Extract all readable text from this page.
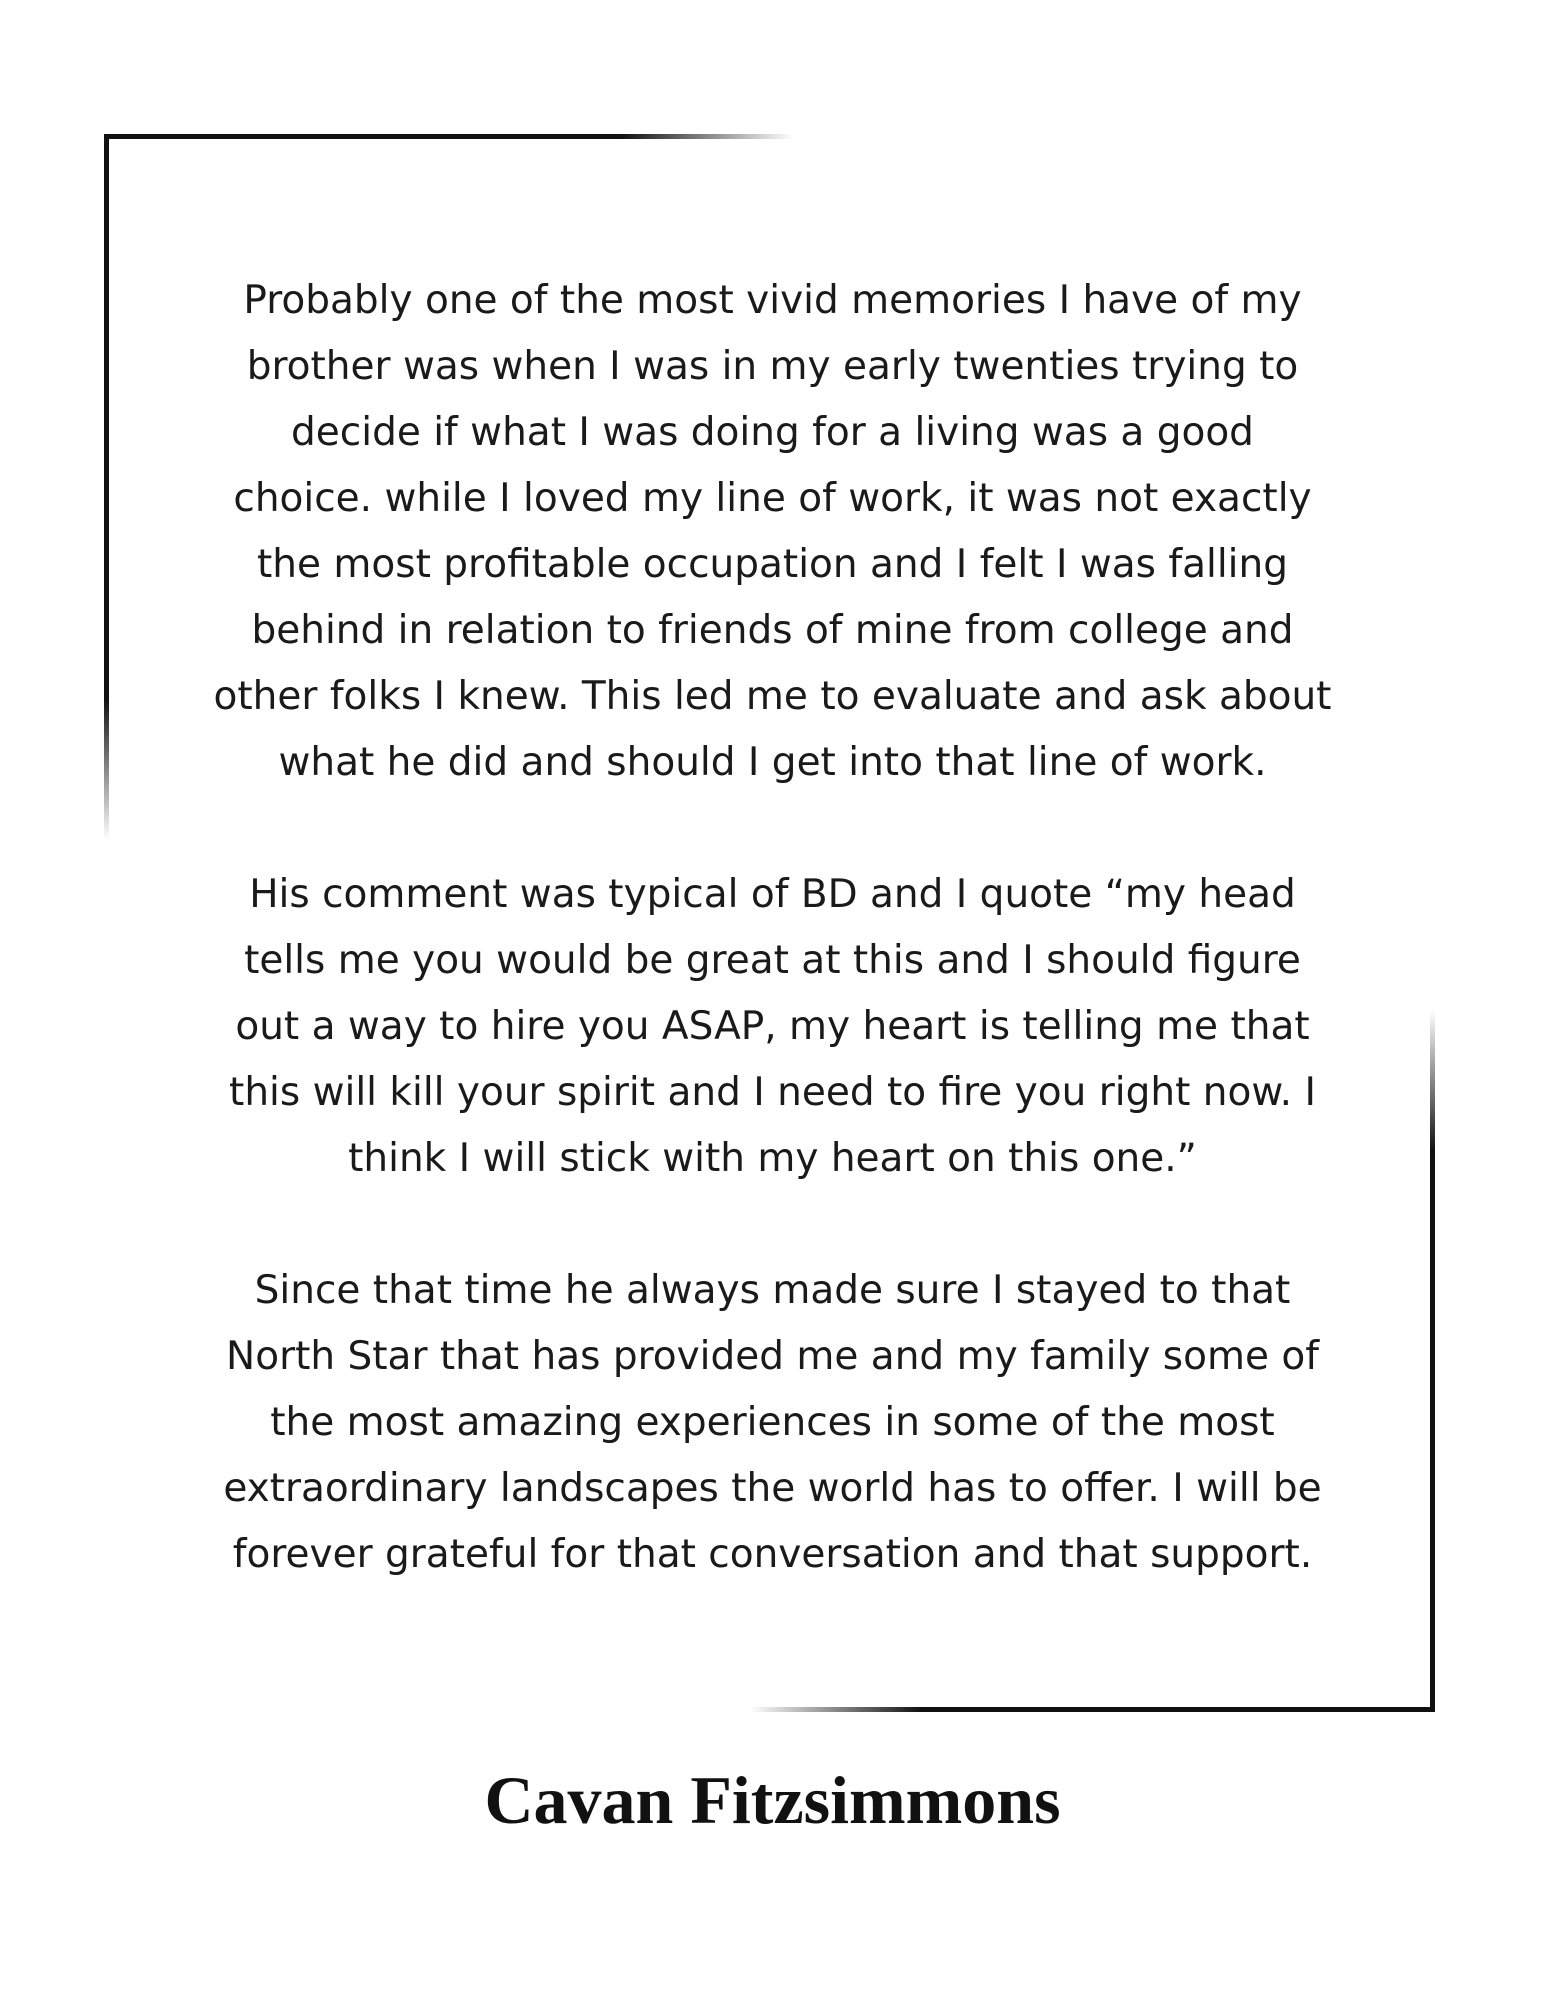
Probably one of the most vivid memories I have of my
brother was when I was in my early twenties trying to
decide if what I was doing for a living was a good
choice. while I loved my line of work, it was not exactly
the most profitable occupation and I felt I was falling
behind in relation to friends of mine from college and
other folks I knew. This led me to evaluate and ask about
what he did and should I get into that line of work.
His comment was typical of BD and I quote “my head
tells me you would be great at this and I should figure
out a way to hire you ASAP, my heart is telling me that
this will kill your spirit and I need to fire you right now. I
think I will stick with my heart on this one.”
Since that time he always made sure I stayed to that
North Star that has provided me and my family some of
the most amazing experiences in some of the most
extraordinary landscapes the world has to offer. I will be
forever grateful for that conversation and that support.
Cavan Fitzsimmons
